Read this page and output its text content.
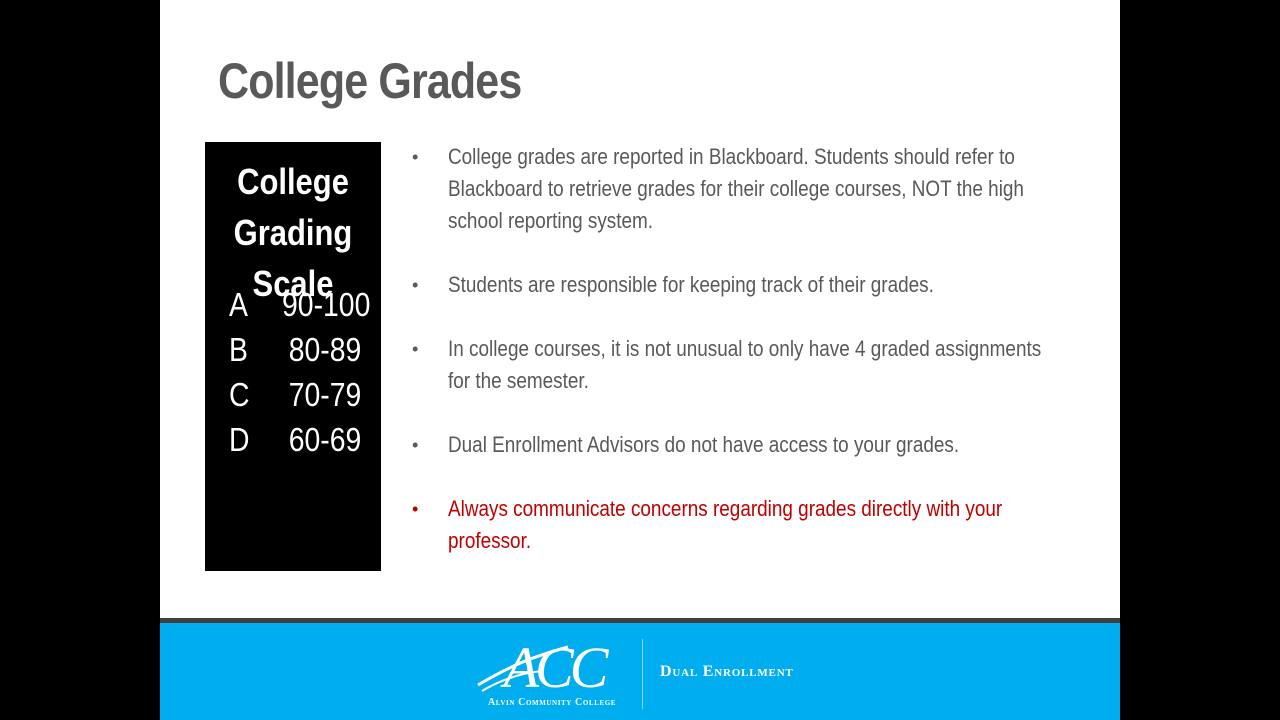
College Grades
College
Grading
Scale
A	90-100
B	80-89
C	70-79
D	60-69
• College grades are reported in Blackboard. Students should refer to Blackboard to retrieve grades for their college courses, NOT the high school reporting system.
• Students are responsible for keeping track of their grades.
• In college courses, it is not unusual to only have 4 graded assignments for the semester.
• Dual Enrollment Advisors do not have access to your grades.
• Always communicate concerns regarding grades directly with your professor.
ACC
Alvin Community College
Dual Enrollment
